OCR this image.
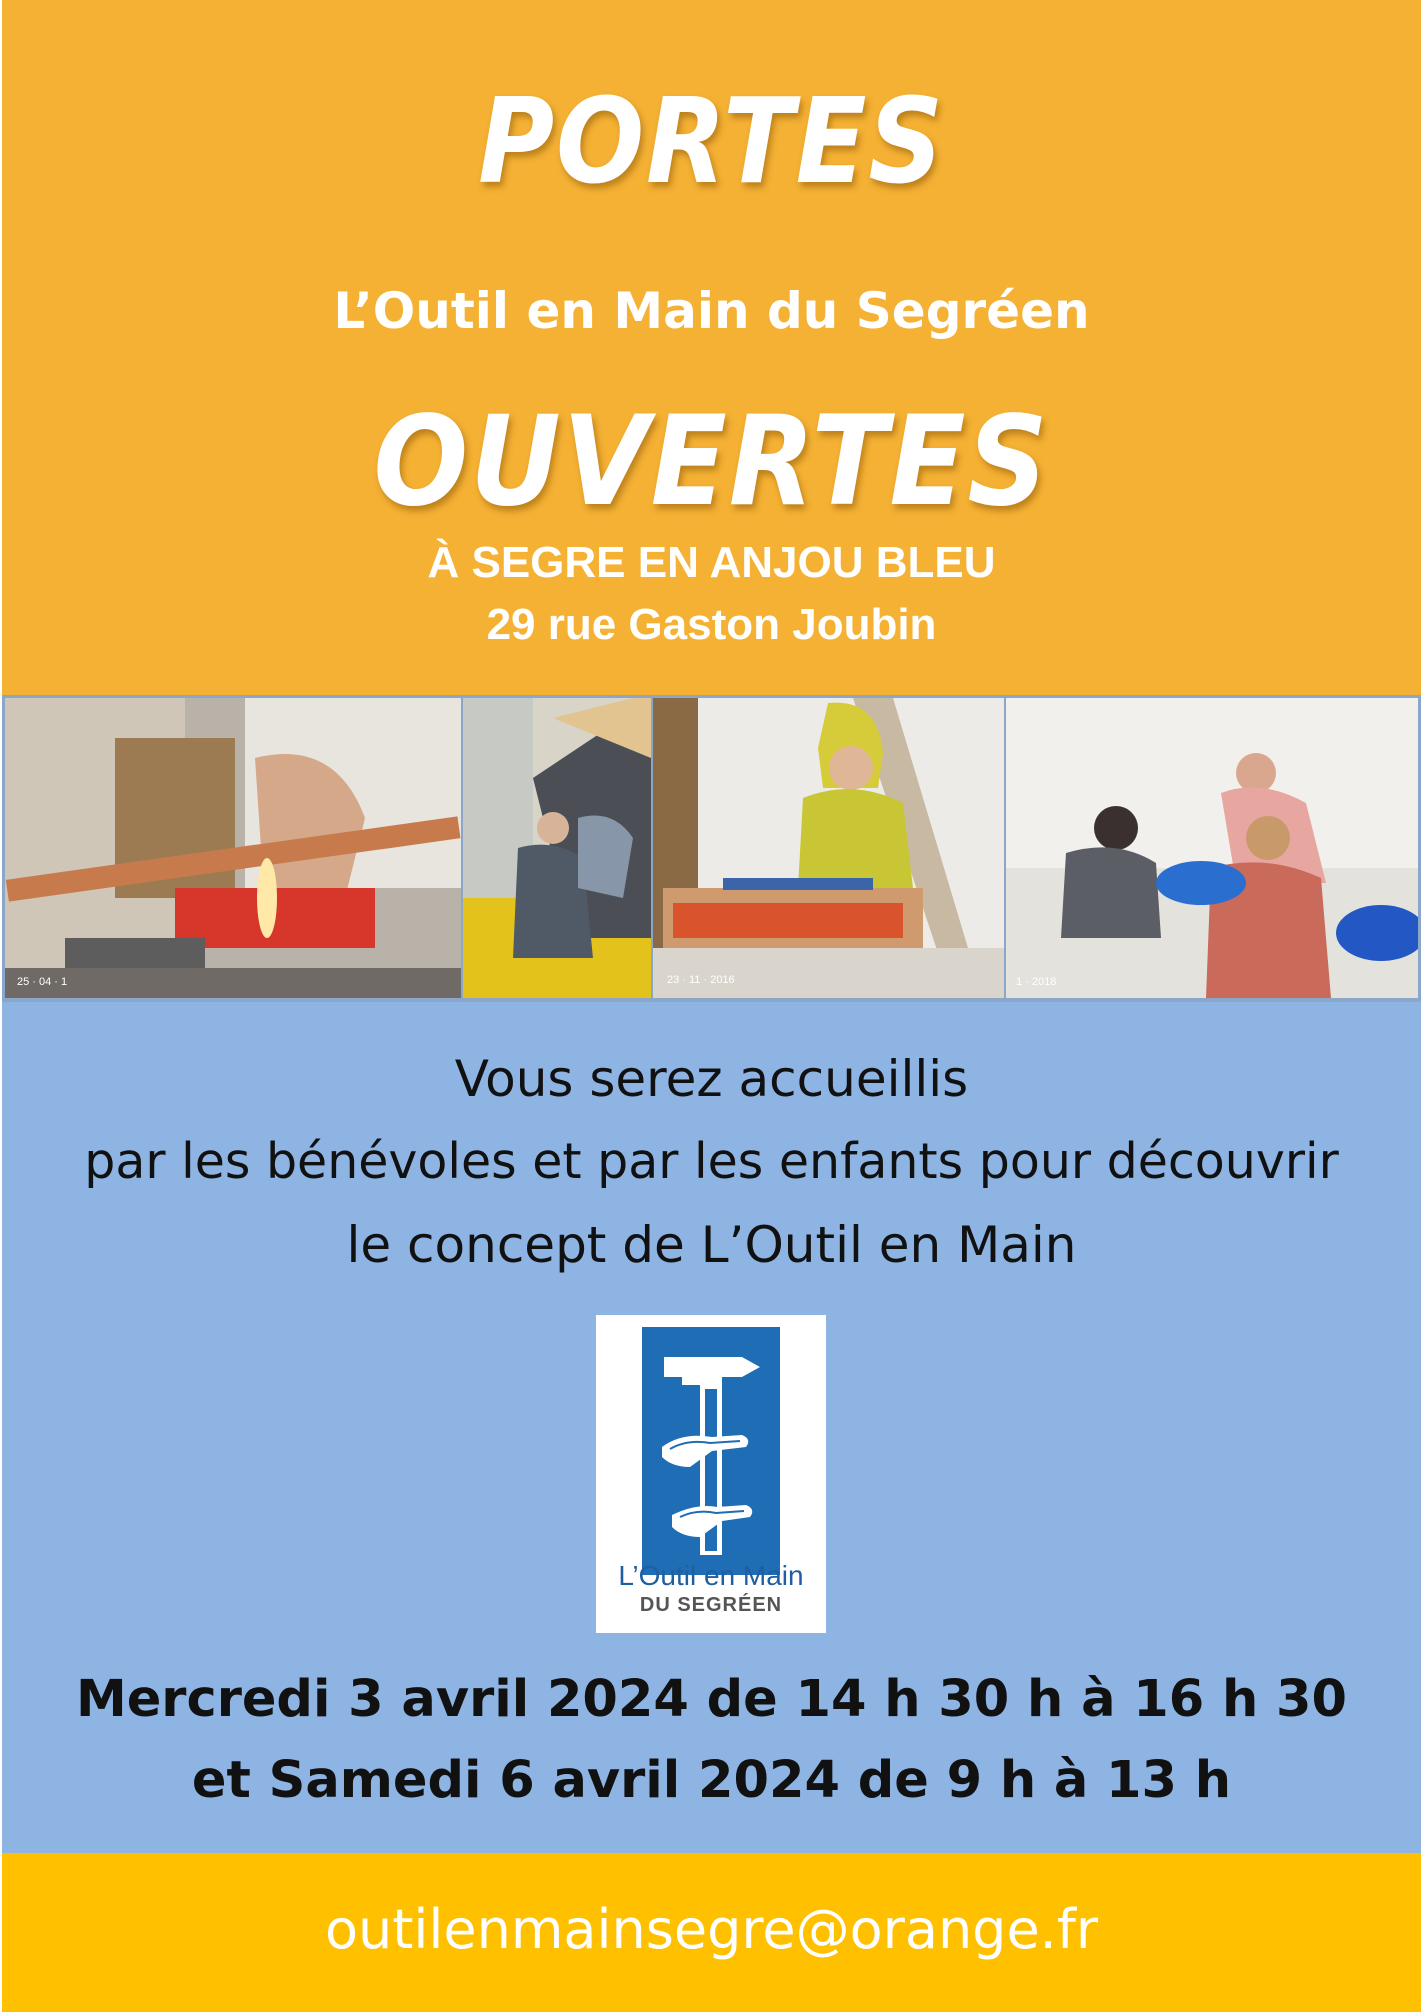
PORTES

L’Outil en Main du Segréen

OUVERTES

À SEGRE EN ANJOU BLEU

29 rue Gaston Joubin

25 · 04 · 1	23 · 11 · 2016	1 · 2018

Vous serez accueillis

par les bénévoles et par les enfants pour découvrir

le concept de L’Outil en Main

L’Outil en Main

DU SEGRÉEN

Mercredi 3 avril 2024 de 14 h 30 h à 16 h 30

et Samedi 6 avril 2024 de 9 h à 13 h

outilenmainsegre@orange.fr
